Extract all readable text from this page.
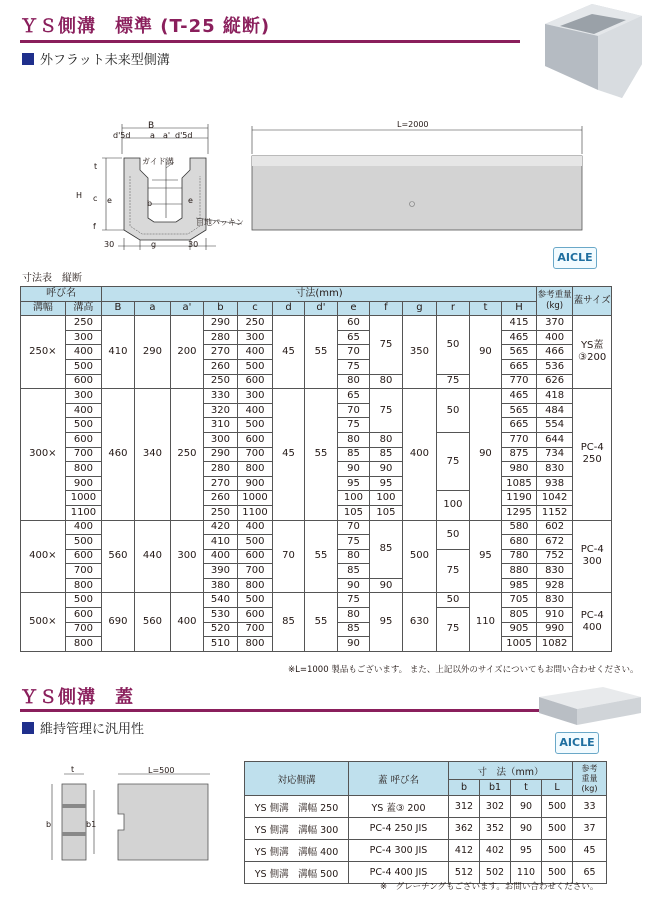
ＹＳ側溝　標準 (T-25 縦断)
外フラット未来型側溝
B
d'5d a a' d'5d
t
ガイド溝
H c
b
e	e
f	目地パッキン
30	g	30
L=2000
AICLE
寸法表　縦断
呼び名		寸法(mm)													参考重量(kg)	蓋サイズ
溝幅	溝高	B	a	a'	b	c	d	d'	e	f	g	r	t	H		
250×	250	410	290	200	290	250	45	55	60	75	350	50	90	415	370	YS蓋
③200

	300				280	300			65					465	400	
	400				270	400			70					565	466	
	500				260	500			75					665	536	
	600				250	600			80	80		75		770	626	
300×	300	460	340	250	330	300	45	55	65	75	400	50	90	465	418	PC-4
250

	400				320	400			70					565	484	
	500				310	500			75					665	554	
	600				300	600			80	80		75		770	644	
	700				290	700			85	85				875	734	
	800				280	800			90	90				980	830	
	900				270	900			95	95				1085	938	
	1000				260	1000			100	100		100		1190	1042	
	1100				250	1100			105	105				1295	1152	
400×	400	560	440	300	420	400	70	55	70	85	500	50	95	580	602	PC-4
300

	500				410	500			75					680	672	
	600				400	600			80			75		780	752	
	700				390	700			85					880	830	
	800				380	800			90	90				985	928	
500×	500	690	560	400	540	500	85	55	75	95	630	50	110	705	830	PC-4
400

	600				530	600			80			75		805	910	
	700				520	700			85					905	990	
	800				510	800			90					1005	1082	
※L=1000 製品もございます。 また、上記以外のサイズについてもお問い合わせください。
ＹＳ側溝　蓋
維持管理に汎用性
AICLE
t
b	b1
L=500
対応側溝	蓋 呼び名	寸　法（mm）				参考
重量
(kg)
		b	b1	t	L	
YS 側溝　溝幅 250	YS 蓋③ 200	312	302	90	500	33
YS 側溝　溝幅 300	PC-4 250 JIS	362	352	90	500	37
YS 側溝　溝幅 400	PC-4 300 JIS	412	402	95	500	45
YS 側溝　溝幅 500	PC-4 400 JIS	512	502	110	500	65
※　グレーチングもございます。お問い合わせください。
